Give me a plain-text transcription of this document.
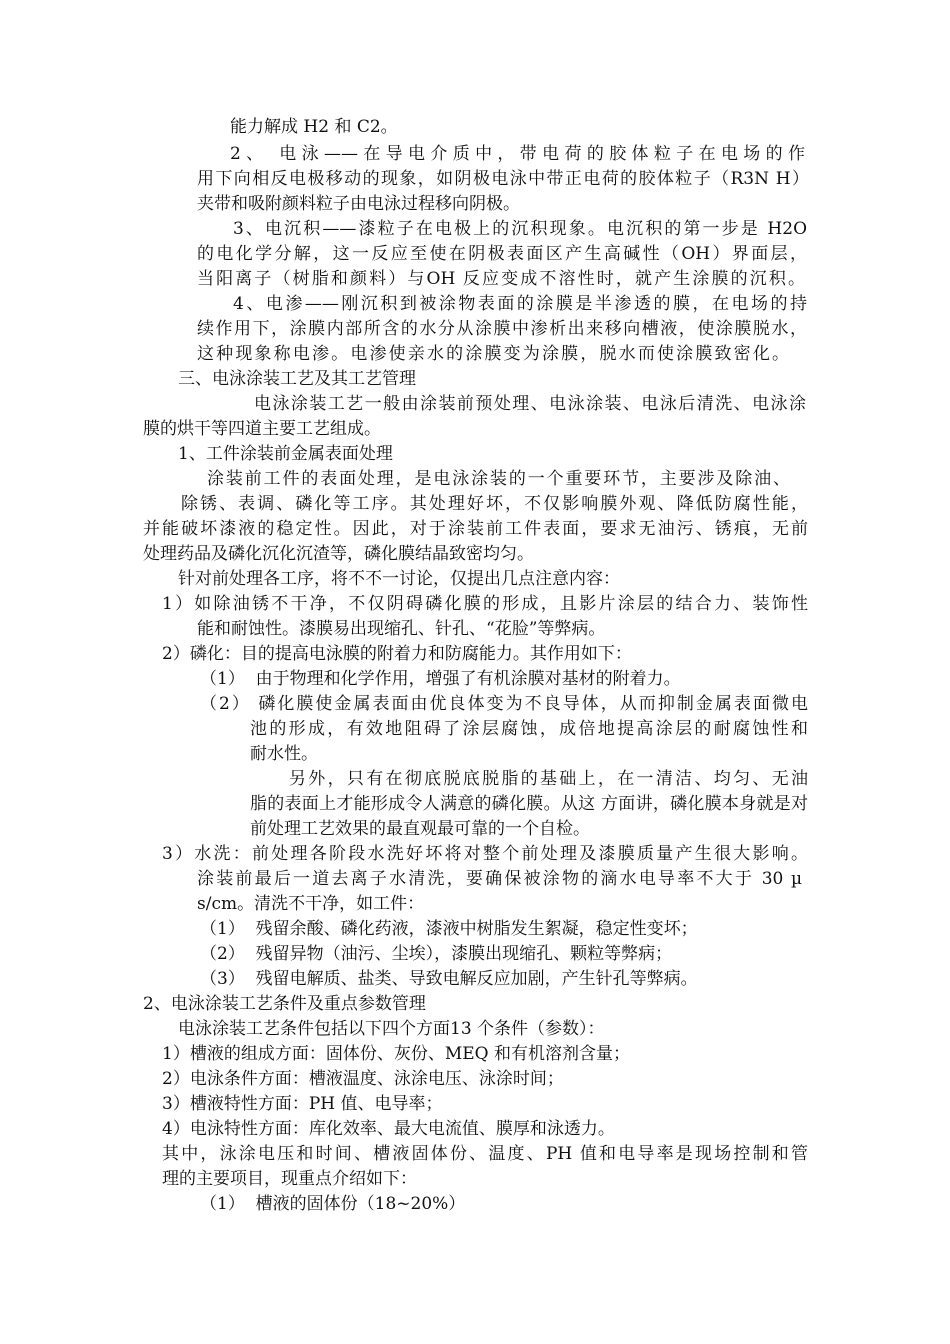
能力解成 H2 和 C2。
2、 电泳——在导电介质中，带电荷的胶体粒子在电场的作
用下向相反电极移动的现象，如阴极电泳中带正电荷的胶体粒子（R3N H）
夹带和吸附颜料粒子由电泳过程移向阴极。
3、电沉积——漆粒子在电极上的沉积现象。电沉积的第一步是 H2O
的电化学分解，这一反应至使在阴极表面区产生高碱性（OH）界面层，
当阳离子（树脂和颜料）与OH 反应变成不溶性时，就产生涂膜的沉积。
4、电渗——刚沉积到被涂物表面的涂膜是半渗透的膜，在电场的持
续作用下，涂膜内部所含的水分从涂膜中渗析出来移向槽液，使涂膜脱水，
这种现象称电渗。电渗使亲水的涂膜变为涂膜，脱水而使涂膜致密化。
三、电泳涂装工艺及其工艺管理
电泳涂装工艺一般由涂装前预处理、电泳涂装、电泳后清洗、电泳涂
膜的烘干等四道主要工艺组成。
1、工件涂装前金属表面处理
涂装前工件的表面处理，是电泳涂装的一个重要环节，主要涉及除油、
除锈、表调、磷化等工序。其处理好坏，不仅影响膜外观、降低防腐性能，
并能破坏漆液的稳定性。因此，对于涂装前工件表面，要求无油污、锈痕，无前
处理药品及磷化沉化沉渣等，磷化膜结晶致密均匀。
针对前处理各工序，将不不一讨论，仅提出几点注意内容：
1）如除油锈不干净，不仅阴碍磷化膜的形成，且影片涂层的结合力、装饰性
能和耐蚀性。漆膜易出现缩孔、针孔、“花脸”等弊病。
2）磷化：目的提高电泳膜的附着力和防腐能力。其作用如下：
（1）  由于物理和化学作用，增强了有机涂膜对基材的附着力。
（2） 磷化膜使金属表面由优良体变为不良导体，从而抑制金属表面微电
池的形成，有效地阻碍了涂层腐蚀，成倍地提高涂层的耐腐蚀性和
耐水性。
另外，只有在彻底脱底脱脂的基础上，在一清洁、均匀、无油
脂的表面上才能形成令人满意的磷化膜。从这 方面讲，磷化膜本身就是对
前处理工艺效果的最直观最可靠的一个自检。
3）水洗：前处理各阶段水洗好坏将对整个前处理及漆膜质量产生很大影响。
涂装前最后一道去离子水清洗，要确保被涂物的滴水电导率不大于 30 µ
s/cm。清洗不干净，如工件：
（1）  残留余酸、磷化药液，漆液中树脂发生絮凝，稳定性变坏；
（2）  残留异物（油污、尘埃），漆膜出现缩孔、颗粒等弊病；
（3）  残留电解质、盐类、导致电解反应加剧，产生针孔等弊病。
2、电泳涂装工艺条件及重点参数管理
电泳涂装工艺条件包括以下四个方面13 个条件（参数）：
1）槽液的组成方面：固体份、灰份、MEQ 和有机溶剂含量；
2）电泳条件方面：槽液温度、泳涂电压、泳涂时间；
3）槽液特性方面：PH 值、电导率；
4）电泳特性方面：库化效率、最大电流值、膜厚和泳透力。
其中，泳涂电压和时间、槽液固体份、温度、PH 值和电导率是现场控制和管
理的主要项目，现重点介绍如下：
（1）  槽液的固体份（18~20%）
